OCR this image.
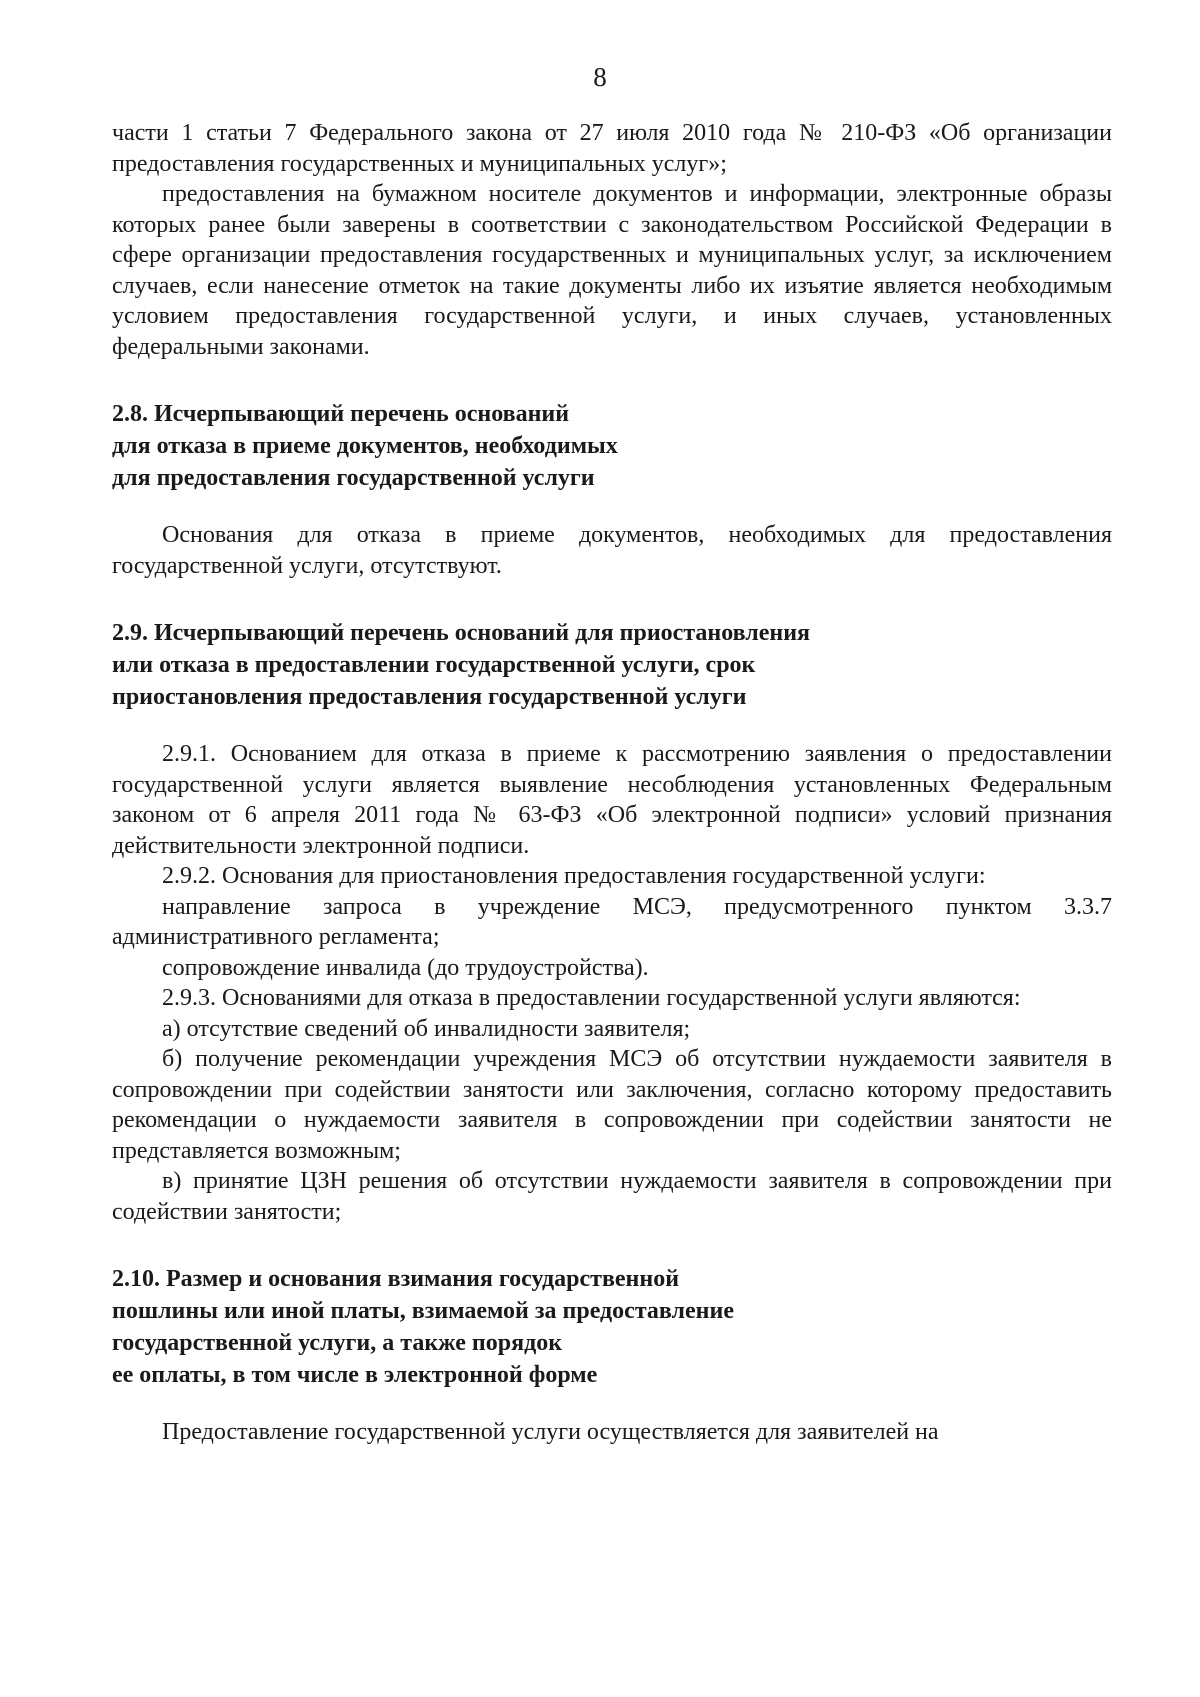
8

части 1 статьи 7 Федерального закона от 27 июля 2010 года № 210-ФЗ «Об организации предоставления государственных и муниципальных услуг»;

предоставления на бумажном носителе документов и информации, электронные образы которых ранее были заверены в соответствии с законодательством Российской Федерации в сфере организации предоставления государственных и муниципальных услуг, за исключением случаев, если нанесение отметок на такие документы либо их изъятие является необходимым условием предоставления государственной услуги, и иных случаев, установленных федеральными законами.

2.8. Исчерпывающий перечень оснований

для отказа в приеме документов, необходимых

для предоставления государственной услуги

Основания для отказа в приеме документов, необходимых для предоставления государственной услуги, отсутствуют.

2.9. Исчерпывающий перечень оснований для приостановления

или отказа в предоставлении государственной услуги, срок

приостановления предоставления государственной услуги

2.9.1. Основанием для отказа в приеме к рассмотрению заявления о предоставлении государственной услуги является выявление несоблюдения установленных Федеральным законом от 6 апреля 2011 года № 63-ФЗ «Об электронной подписи» условий признания действительности электронной подписи.

2.9.2. Основания для приостановления предоставления государственной услуги:

направление запроса в учреждение МСЭ, предусмотренного пунктом 3.3.7 административного регламента;

сопровождение инвалида (до трудоустройства).

2.9.3. Основаниями для отказа в предоставлении государственной услуги являются:

а) отсутствие сведений об инвалидности заявителя;

б) получение рекомендации учреждения МСЭ об отсутствии нуждаемости заявителя в сопровождении при содействии занятости или заключения, согласно которому предоставить рекомендации о нуждаемости заявителя в сопровождении при содействии занятости не представляется возможным;

в) принятие ЦЗН решения об отсутствии нуждаемости заявителя в сопровождении при содействии занятости;

2.10. Размер и основания взимания государственной

пошлины или иной платы, взимаемой за предоставление

государственной услуги, а также порядок

ее оплаты, в том числе в электронной форме

Предоставление государственной услуги осуществляется для заявителей на
